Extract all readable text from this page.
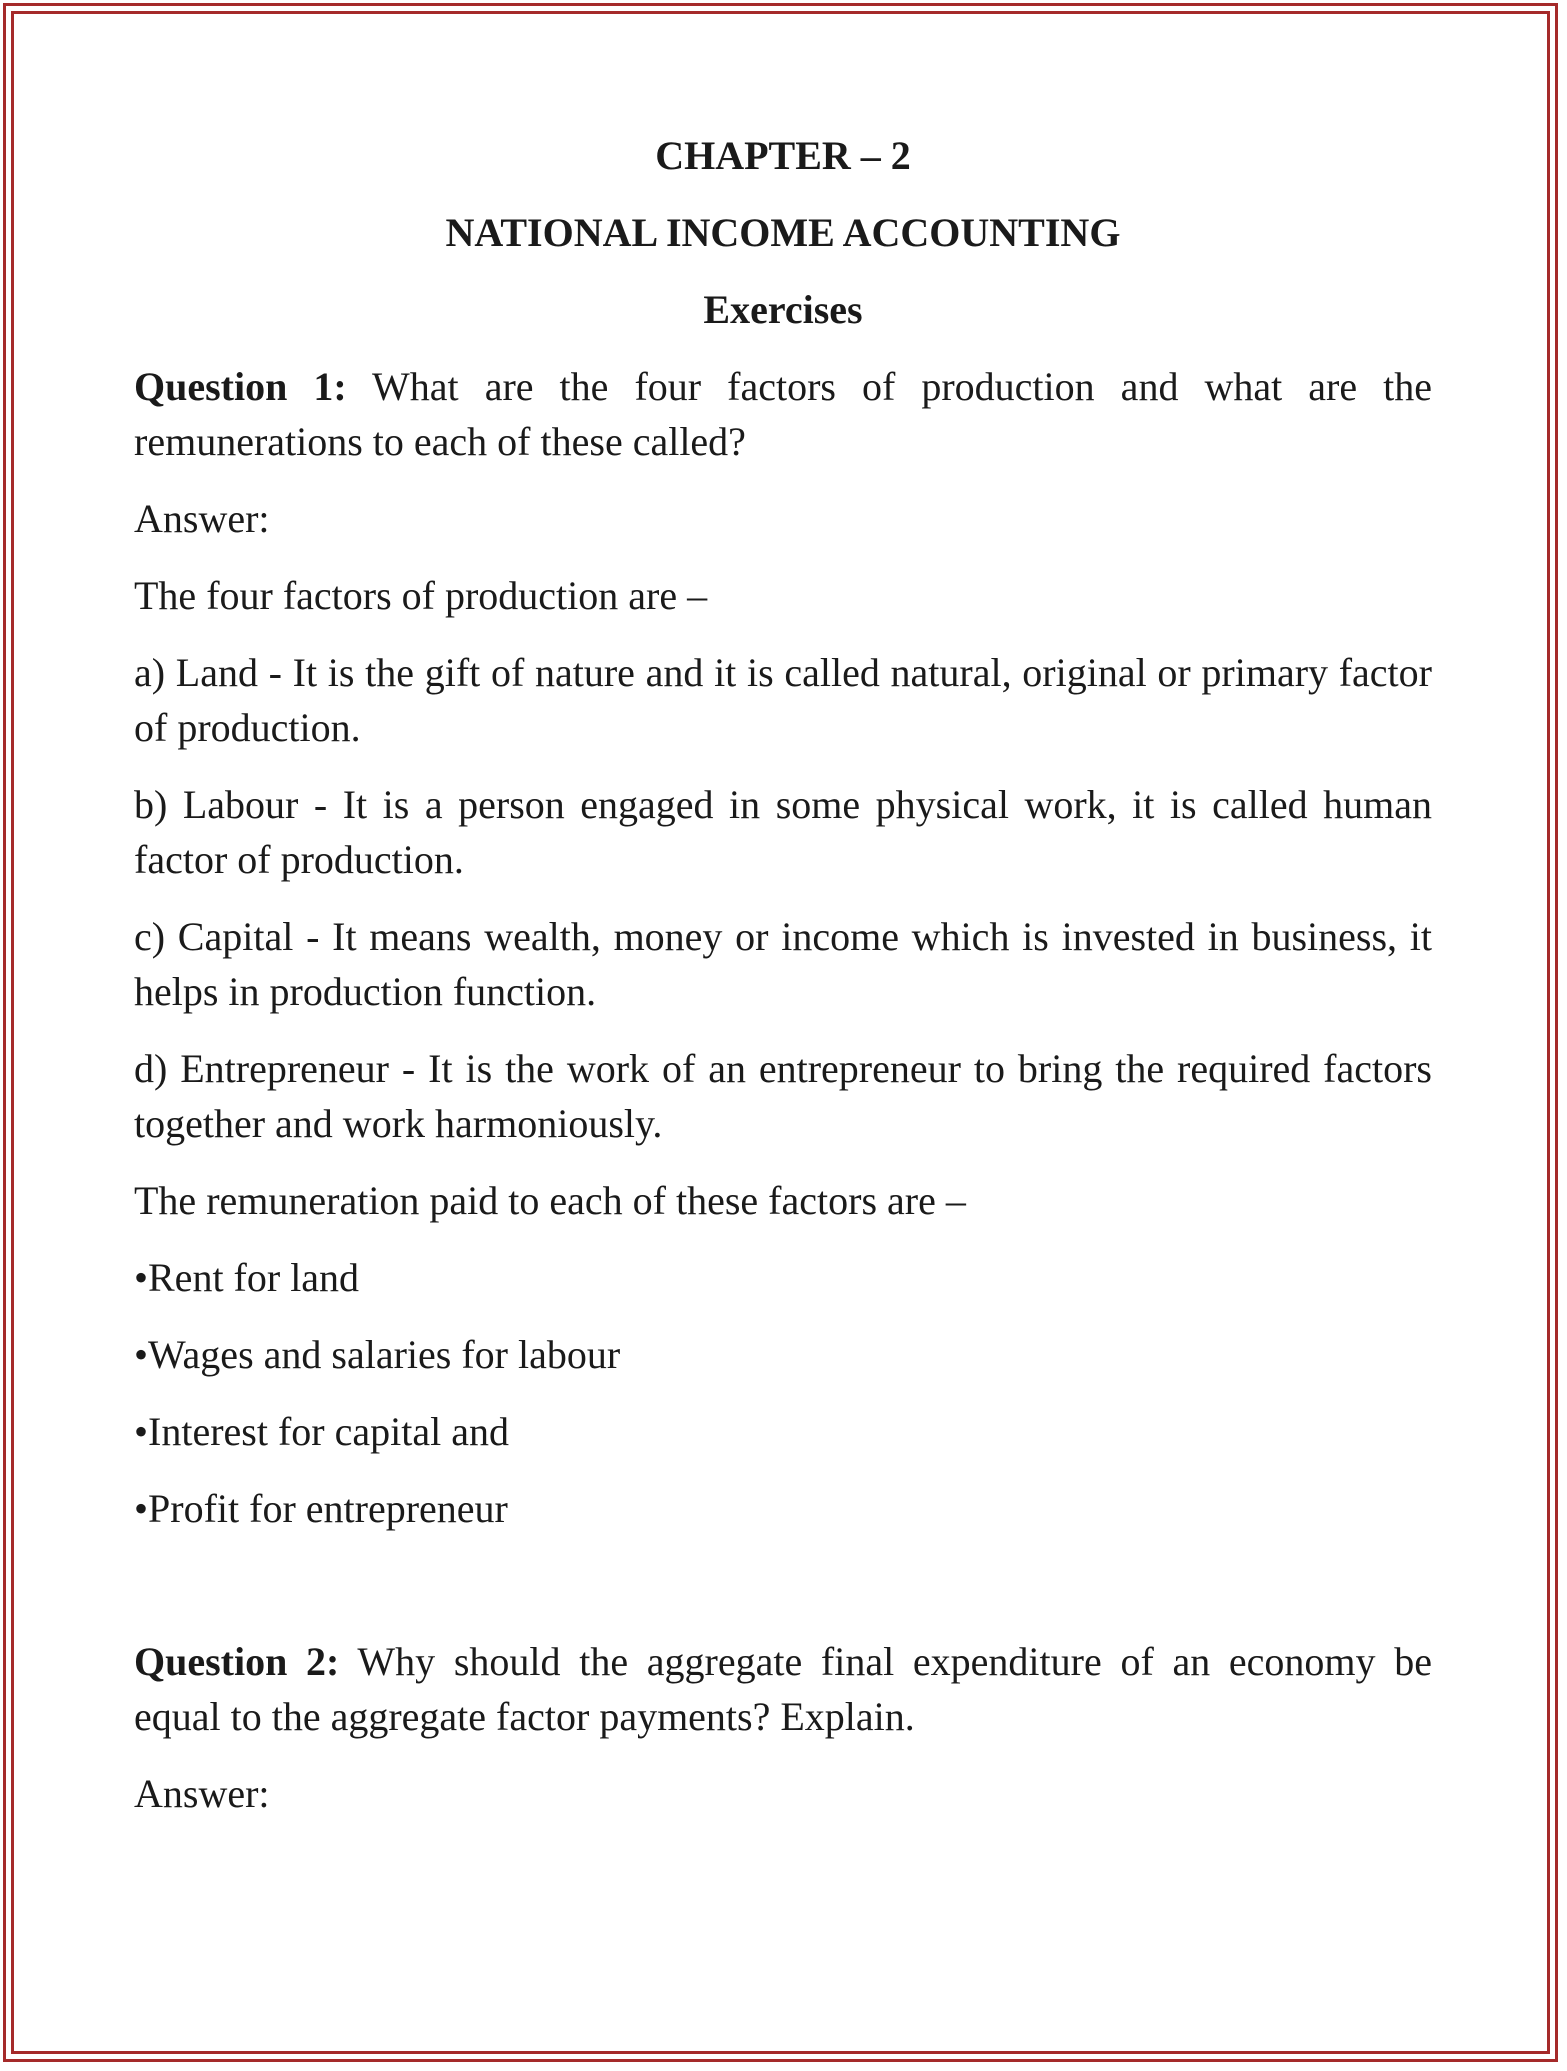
CHAPTER – 2
NATIONAL INCOME ACCOUNTING
Exercises
Question 1: What are the four factors of production and what are the remunerations to each of these called?
Answer:
The four factors of production are –
a) Land - It is the gift of nature and it is called natural, original or primary factor of production.
b) Labour - It is a person engaged in some physical work, it is called human factor of production.
c) Capital - It means wealth, money or income which is invested in business, it helps in production function.
d) Entrepreneur - It is the work of an entrepreneur to bring the required factors together and work harmoniously.
The remuneration paid to each of these factors are –
•Rent for land
•Wages and salaries for labour
•Interest for capital and
•Profit for entrepreneur
Question 2: Why should the aggregate final expenditure of an economy be equal to the aggregate factor payments? Explain.
Answer:
